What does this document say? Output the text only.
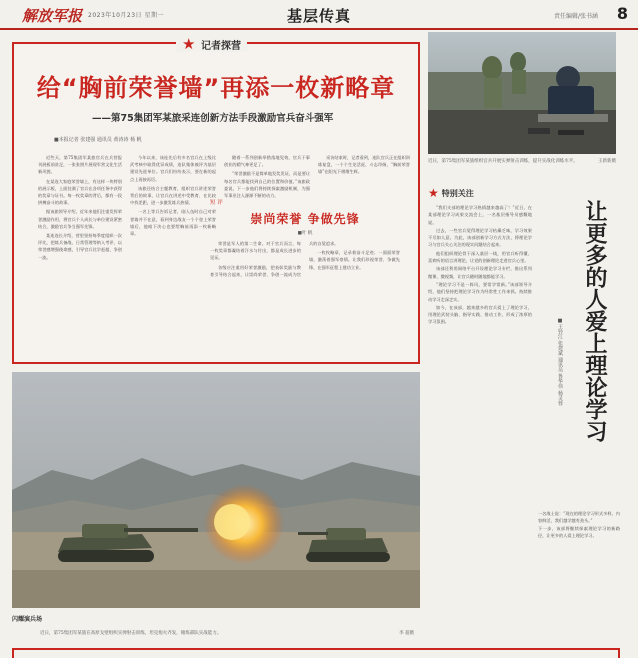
解放军报 2023年10月23日 星期一	基层传真	责任编辑/张书涵 8
★ 记者探营
给“胸前荣誉墙”再添一枚新略章
——第75集团军某旅采连创新方法手段激励官兵奋斗强军
■本报记者 张建强 通讯员 黄涛涛 杨 帆

近些天，第75集团军某旅官兵在兵营报刊展板前驻足，一张张照片展现军营文化生活新风貌。

在某连大家庭荣誉墙上，有这样一块特别的展示板，上面挂满了官兵在各项任务中获得的奖章与证书。每一枚奖章的背后，都有一段拼搏奋斗的故事。

据该旅领导介绍，近年来他们注重发挥荣誉激励作用，将官兵个人成长与单位建设紧密结合，激励官兵争当强军先锋。

某连连长介绍，营里坚持每季度组织一次评比，把练兵备战、日常管理等纳入考评，以荣誉感增强使命感，引导官兵比学赶超、争创一流。

今年以来，该连先后有多名官兵在上级比武考核中取得优异成绩，连队集体被评为基层建设先进单位。官兵们纷纷表示，要在新的起点上再接再厉。

该旅还结合主题教育，组织官兵讲述荣誉背后的故事，让官兵在讲述中受教育、在比较中找差距，进一步激发练兵热情。

一名上等兵告诉记者，刚入伍时自己对荣誉墙并不在意，看到身边战友一个个登上荣誉墙后，他暗下决心也要给胸前再添一枚新略章。

随着一系列创新举措落地见效，官兵干事创业的精气神更足了。

“荣誉激励不是简单地发奖发证，而是要让每名官兵都能找到自己的位置和价值。”该旅政委说，下一步他们将持续探索激励机制，为强军事业注入源源不断的动力。

采访结束时，记者看到，连队官兵正在组织训练复盘，一个个生龙活虎、斗志昂扬，“胸前荣誉墙”在阳光下熠熠生辉。

短 评
崇尚荣誉 争做先锋
■叶 帆

荣誉是军人的第二生命。对于官兵而言，每一枚奖章都凝结着汗水与付出，都是成长进步的见证。

各级应注重用好荣誉激励，把表彰奖励与教育引导结合起来，让崇尚荣誉、争创一流成为官兵的自觉追求。

一枚枚略章，记录着奋斗足迹；一面面荣誉墙，激荡着强军豪情。让我们珍视荣誉、争做先锋，在强军征程上建功立业。

近日，第75集团军某旅组织官兵开展实弹射击训练，提升实战化训练水平。	王新新摄
★ 特别关注

“我们支部的理论学习热情越来越高了！”近日，在某部理论学习成果交流会上，一名基层指导员感慨地说。

过去，一些官兵觉得理论学习枯燥乏味，学习效果不尽如人意。为此，该部创新学习方式方法，将理论学习与官兵关心关注的现实问题结合起来。

他们组织理论骨干深入基层一线，用官兵听得懂、喜欢听的语言讲理论，让党的创新理论走进官兵心里。

该部还利用网络平台开设理论学习专栏，推出系列微课、微视频，让官兵随时随地都能学习。

“理论学习不是一阵风，要常学常新。”该部领导介绍，他们坚持把理论学习作为经常性工作来抓，持续推动学习走深走实。

如今，在该部，越来越多的官兵爱上了理论学习，用理论武装头脑、指导实践、推动工作，形成了浓厚的学习氛围。	让更多的人爱上理论学习
■王铃江 张建斌 通讯员 鲁华伟 杨灵蓉

一名战士说：“现在的理论学习形式多样、内容鲜活，我们越学越有劲头。”

下一步，该部将继续探索理论学习的新路径，让更多的人爱上理论学习。

闪耀演兵场
近日，第75集团军某旅在高原戈壁组织实弹射击训练，坦克炮火齐发，锤炼部队实战能力。	李 超摄
